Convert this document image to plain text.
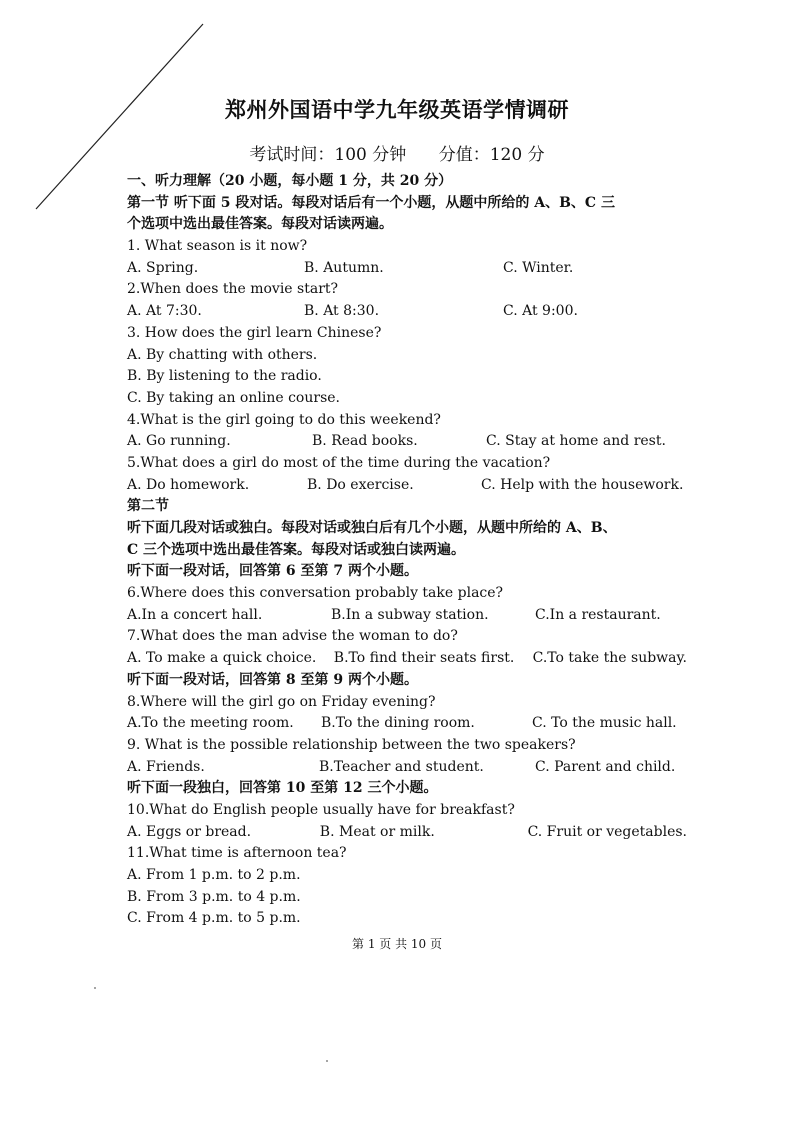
郑州外国语中学九年级英语学情调研
考试时间：100 分钟 分值：120 分
一、听力理解（20 小题，每小题 1 分，共 20 分）
第一节 听下面 5 段对话。每段对话后有一个小题，从题中所给的 A、B、C 三
个选项中选出最佳答案。每段对话读两遍。
1. What season is it now?
A. Spring.	B. Autumn.	C. Winter.
2.When does the movie start?
A. At 7:30.	B. At 8:30.	C. At 9:00.
3. How does the girl learn Chinese?
A. By chatting with others.
B. By listening to the radio.
C. By taking an online course.
4.What is the girl going to do this weekend?
A. Go running.	B. Read books.	C. Stay at home and rest.
5.What does a girl do most of the time during the vacation?
A. Do homework.	B. Do exercise.	C. Help with the housework.
第二节
听下面几段对话或独白。每段对话或独白后有几个小题，从题中所给的 A、B、
C 三个选项中选出最佳答案。每段对话或独白读两遍。
听下面一段对话，回答第 6 至第 7 两个小题。
6.Where does this conversation probably take place?
A.In a concert hall.	B.In a subway station.	C.In a restaurant.
7.What does the man advise the woman to do?
A. To make a quick choice.	B.To find their seats first.	C.To take the subway.
听下面一段对话，回答第 8 至第 9 两个小题。
8.Where will the girl go on Friday evening?
A.To the meeting room.	B.To the dining room.	C. To the music hall.
9. What is the possible relationship between the two speakers?
A. Friends.	B.Teacher and student.	C. Parent and child.
听下面一段独白，回答第 10 至第 12 三个小题。
10.What do English people usually have for breakfast?
A. Eggs or bread.	B. Meat or milk.	C. Fruit or vegetables.
11.What time is afternoon tea?
A. From 1 p.m. to 2 p.m.
B. From 3 p.m. to 4 p.m.
C. From 4 p.m. to 5 p.m.
第 1 页 共 10 页
